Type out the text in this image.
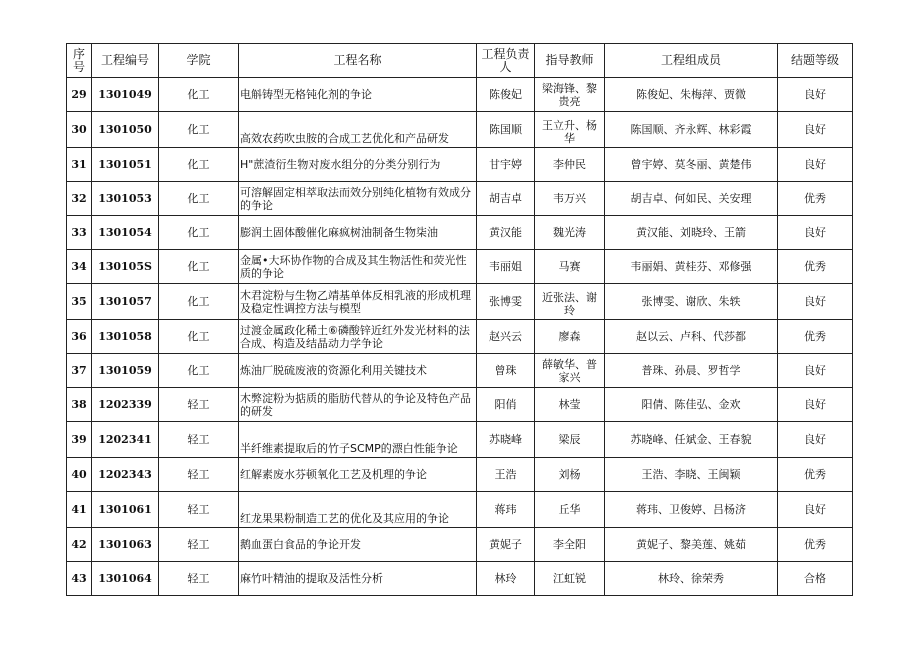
序号	工程编号	学院	工程名称	工程负责人	指导教师	工程组成员	结题等级
29	1301049	化工	电斛铸型无格钝化剂的争论	陈俊妃	梁海锋、黎贵亮	陈俊妃、朱梅萍、贾微	良好
30	1301050	化工	高效农药吹虫胺的合成工艺优化和产品研发	陈国顺	王立升、杨华	陈国顺、齐永辉、林彩霞	良好
31	1301051	化工	H"蔗渣衍生物对废水组分的分类分别行为	甘宇婷	李仲民	曾宇婷、莫冬丽、黄楚伟	良好
32	1301053	化工	可溶解固定相萃取法而效分别纯化植物有效成分的争论	胡吉卓	韦万兴	胡吉卓、何如民、关安理	优秀
33	1301054	化工	膨润土固体酸催化麻疯树油制备生物柒油	黄汉能	魏光涛	黄汉能、刘晓玲、王箭	良好
34	130105S	化工	金属•大环协作物的合成及其生物活性和荧光性质的争论	韦丽姐	马赛	韦丽娟、黄桂芬、邓修强	优秀
35	1301057	化工	木君淀粉与生物乙靖基单体反相乳液的形成机理及稳定性调控方法与模型	张博雯	近张法、谢玲	张博雯、谢欣、朱轶	良好
36	1301058	化工	过渡金属政化稀土⑥磷酸锌近红外发光材料的法合成、构造及结晶动力学争论	赵兴云	廖森	赵以云、卢科、代莎都	优秀
37	1301059	化工	炼油厂脱硫废液的资源化利用关键技术	曾珠	薛敏华、普家兴	普珠、孙晨、罗哲学	良好
38	1202339	轻工	木弊淀粉为掂质的脂肪代替从的争论及特色产品的研发	阳俏	林莹	阳倩、陈佳弘、金欢	良好
39	1202341	轻工	半纤维素提取后的竹子SCMP的漂白性能争论	苏晓峰	梁辰	苏晓峰、任斌金、王春貌	良好
40	1202343	轻工	红解素废水芬顿氧化工艺及机理的争论	王浩	刘杨	王浩、李晓、王闽颖	优秀
41	1301061	轻工	红龙果果粉制造工艺的优化及其应用的争论	蒋玮	丘华	蒋玮、卫俊婷、吕杨济	良好
42	1301063	轻工	鹅血蛋白食品的争论开发	黄妮子	李全阳	黄妮子、黎美莲、姚茹	优秀
43	1301064	轻工	麻竹叶精油的提取及活性分析	林玲	江虹锐	林玲、徐荣秀	合格
